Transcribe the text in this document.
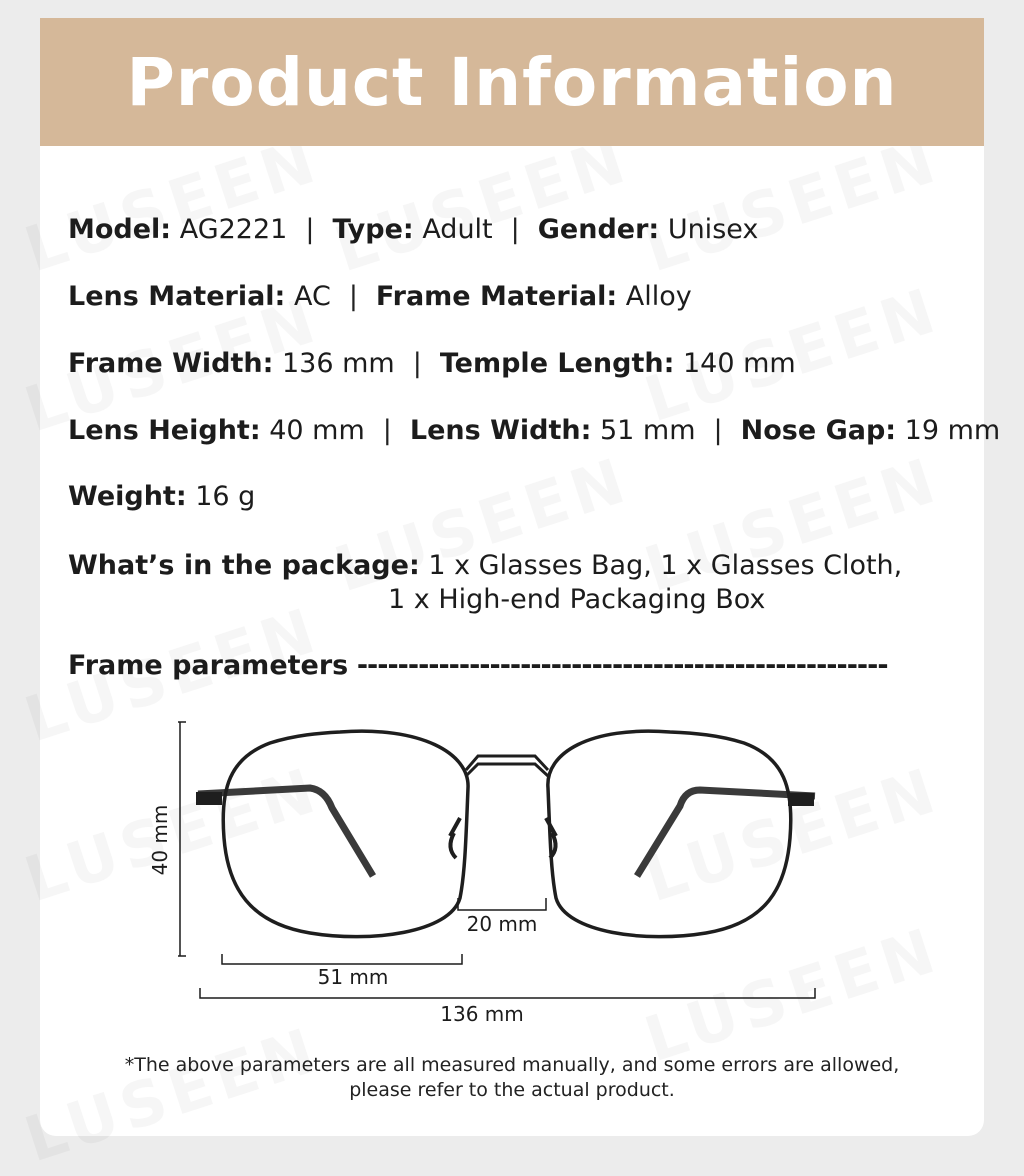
Product Information
Model: AG2221 | Type: Adult | Gender: Unisex
Lens Material: AC | Frame Material: Alloy
Frame Width: 136 mm | Temple Length: 140 mm
Lens Height: 40 mm | Lens Width: 51 mm | Nose Gap: 19 mm
Weight: 16 g
What’s in the package: 1 x Glasses Bag, 1 x Glasses Cloth,
1 x High-end Packaging Box
Frame parameters ----------------------------------------------------
40 mm
20 mm
51 mm
136 mm
*The above parameters are all measured manually, and some errors are allowed,
please refer to the actual product.
